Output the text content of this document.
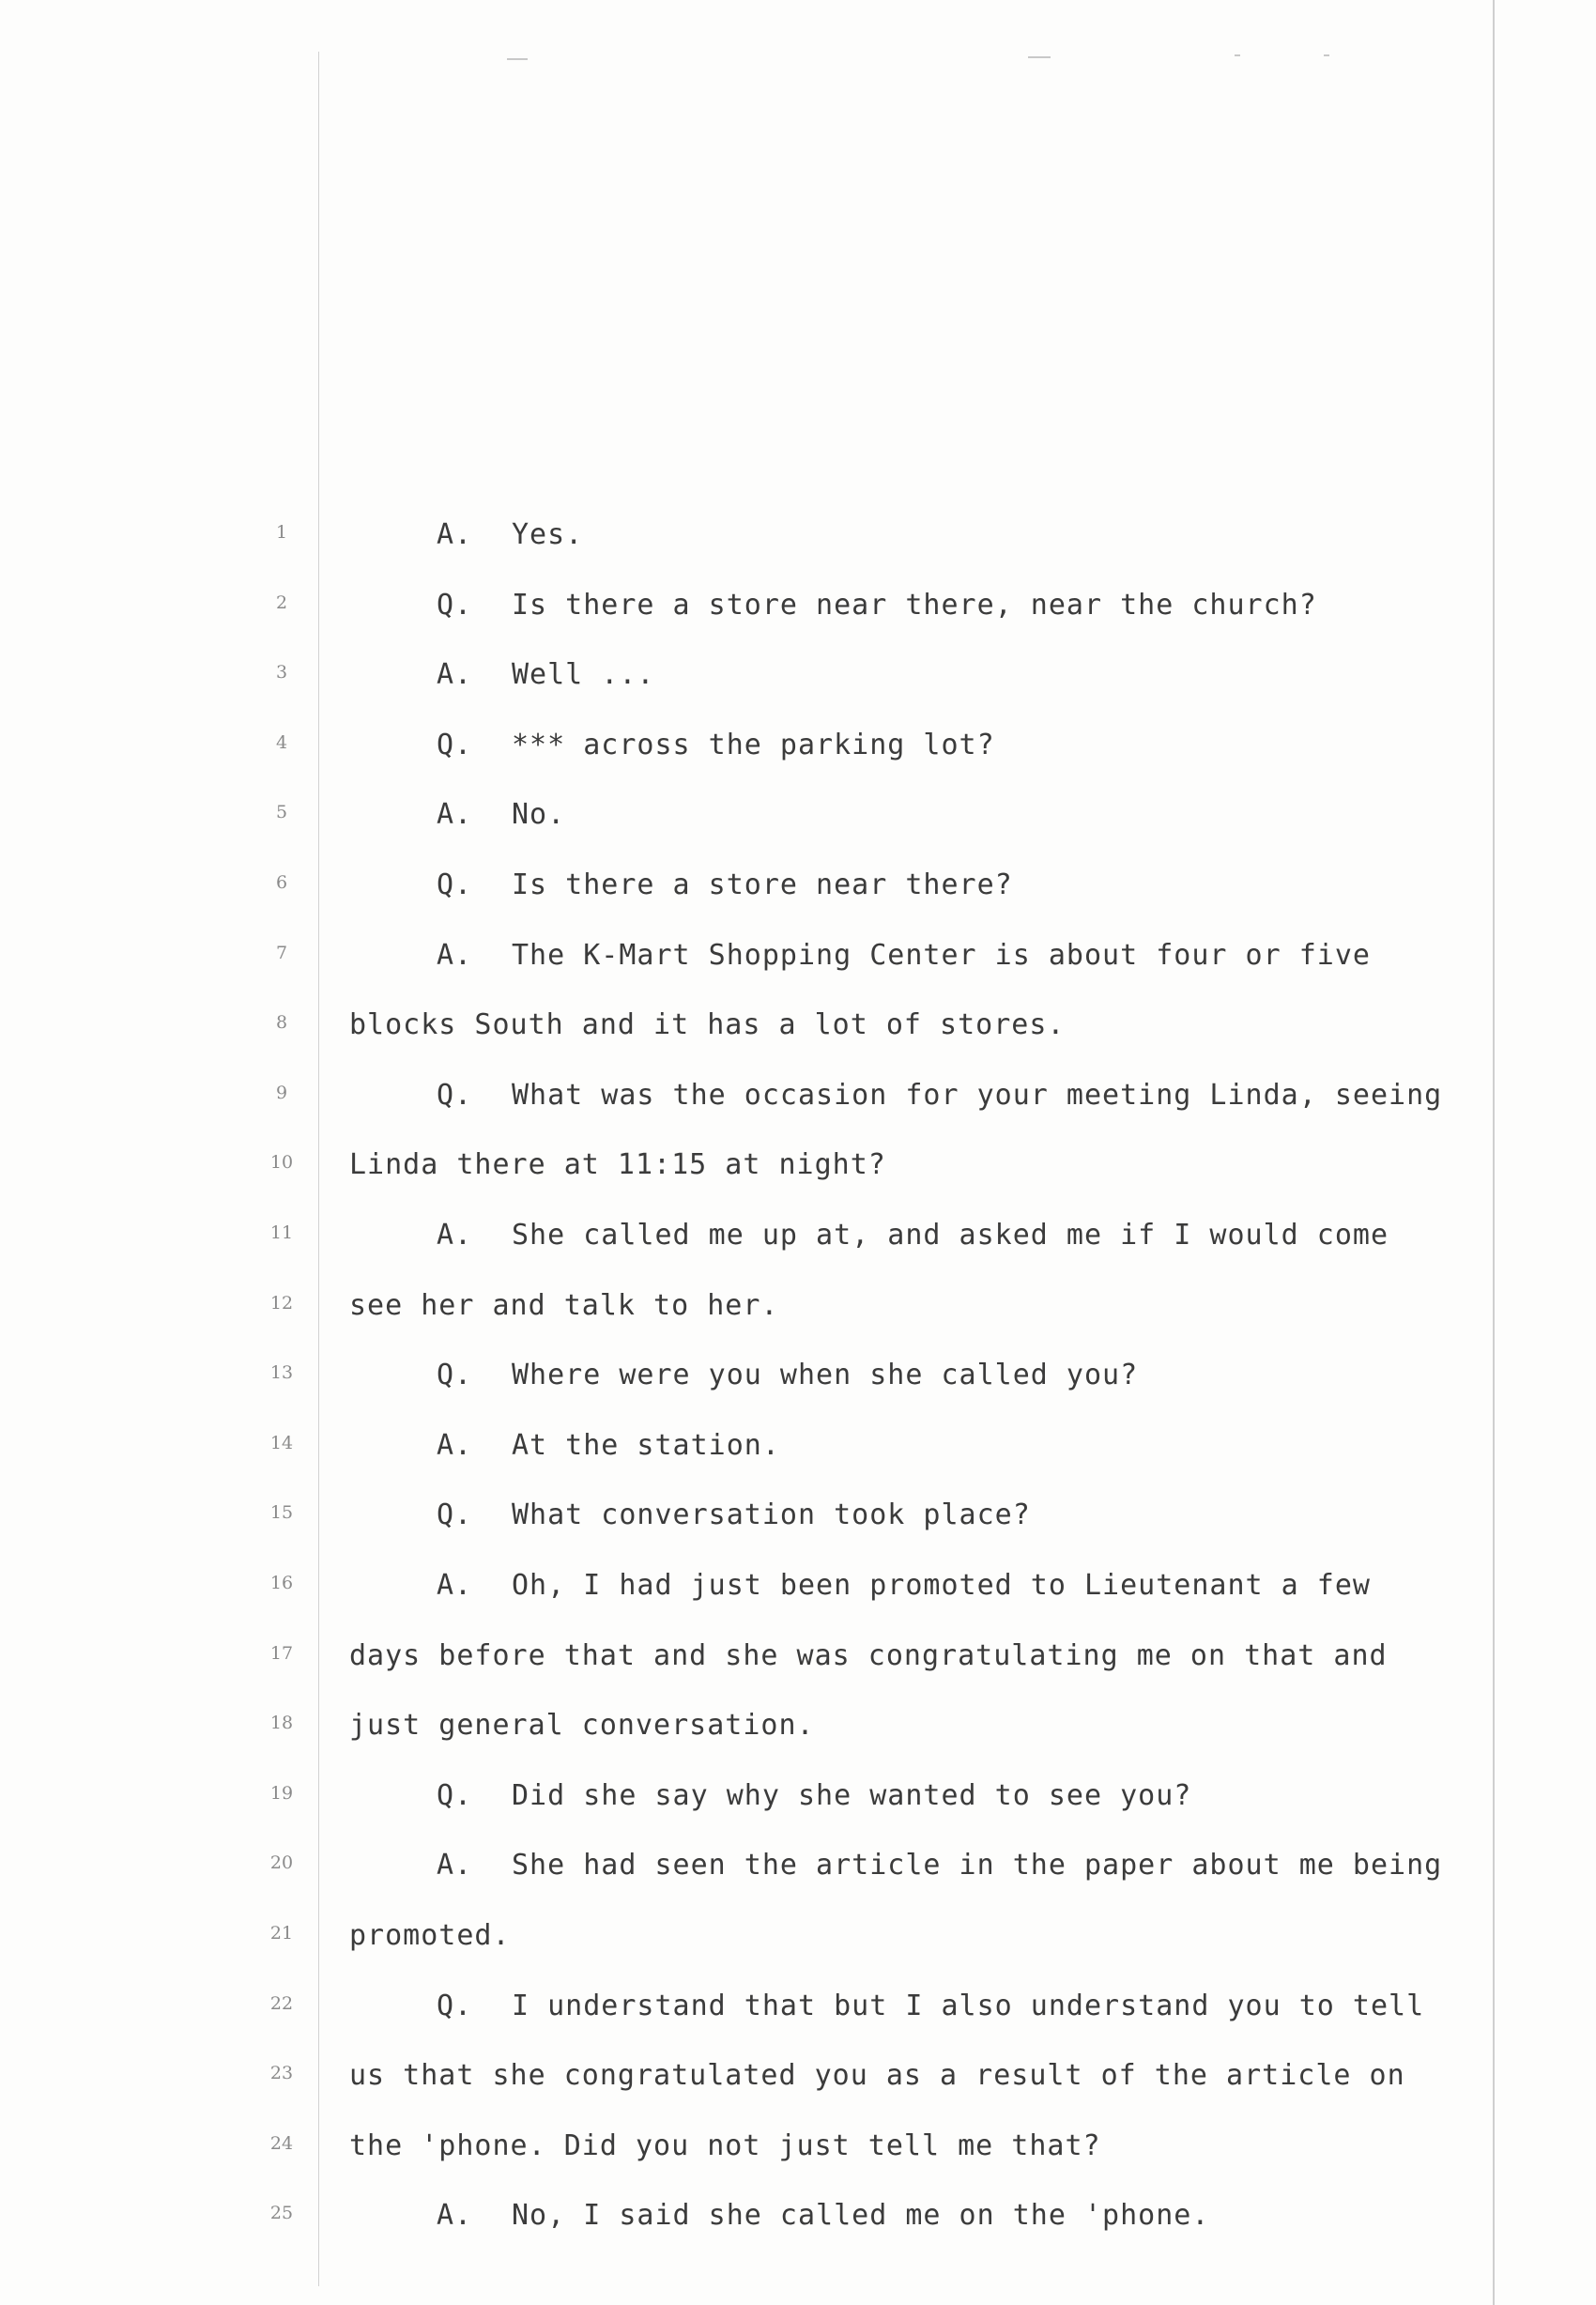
1	A. Yes.
2	Q. Is there a store near there, near the church?
3	A. Well ...
4	Q. *** across the parking lot?
5	A. No.
6	Q. Is there a store near there?
7	A. The K-Mart Shopping Center is about four or five
8	blocks South and it has a lot of stores.
9	Q. What was the occasion for your meeting Linda, seeing
10	Linda there at 11:15 at night?
11	A. She called me up at, and asked me if I would come
12	see her and talk to her.
13	Q. Where were you when she called you?
14	A. At the station.
15	Q. What conversation took place?
16	A. Oh, I had just been promoted to Lieutenant a few
17	days before that and she was congratulating me on that and
18	just general conversation.
19	Q. Did she say why she wanted to see you?
20	A. She had seen the article in the paper about me being
21	promoted.
22	Q. I understand that but I also understand you to tell
23	us that she congratulated you as a result of the article on
24	the 'phone. Did you not just tell me that?
25	A. No, I said she called me on the 'phone.
